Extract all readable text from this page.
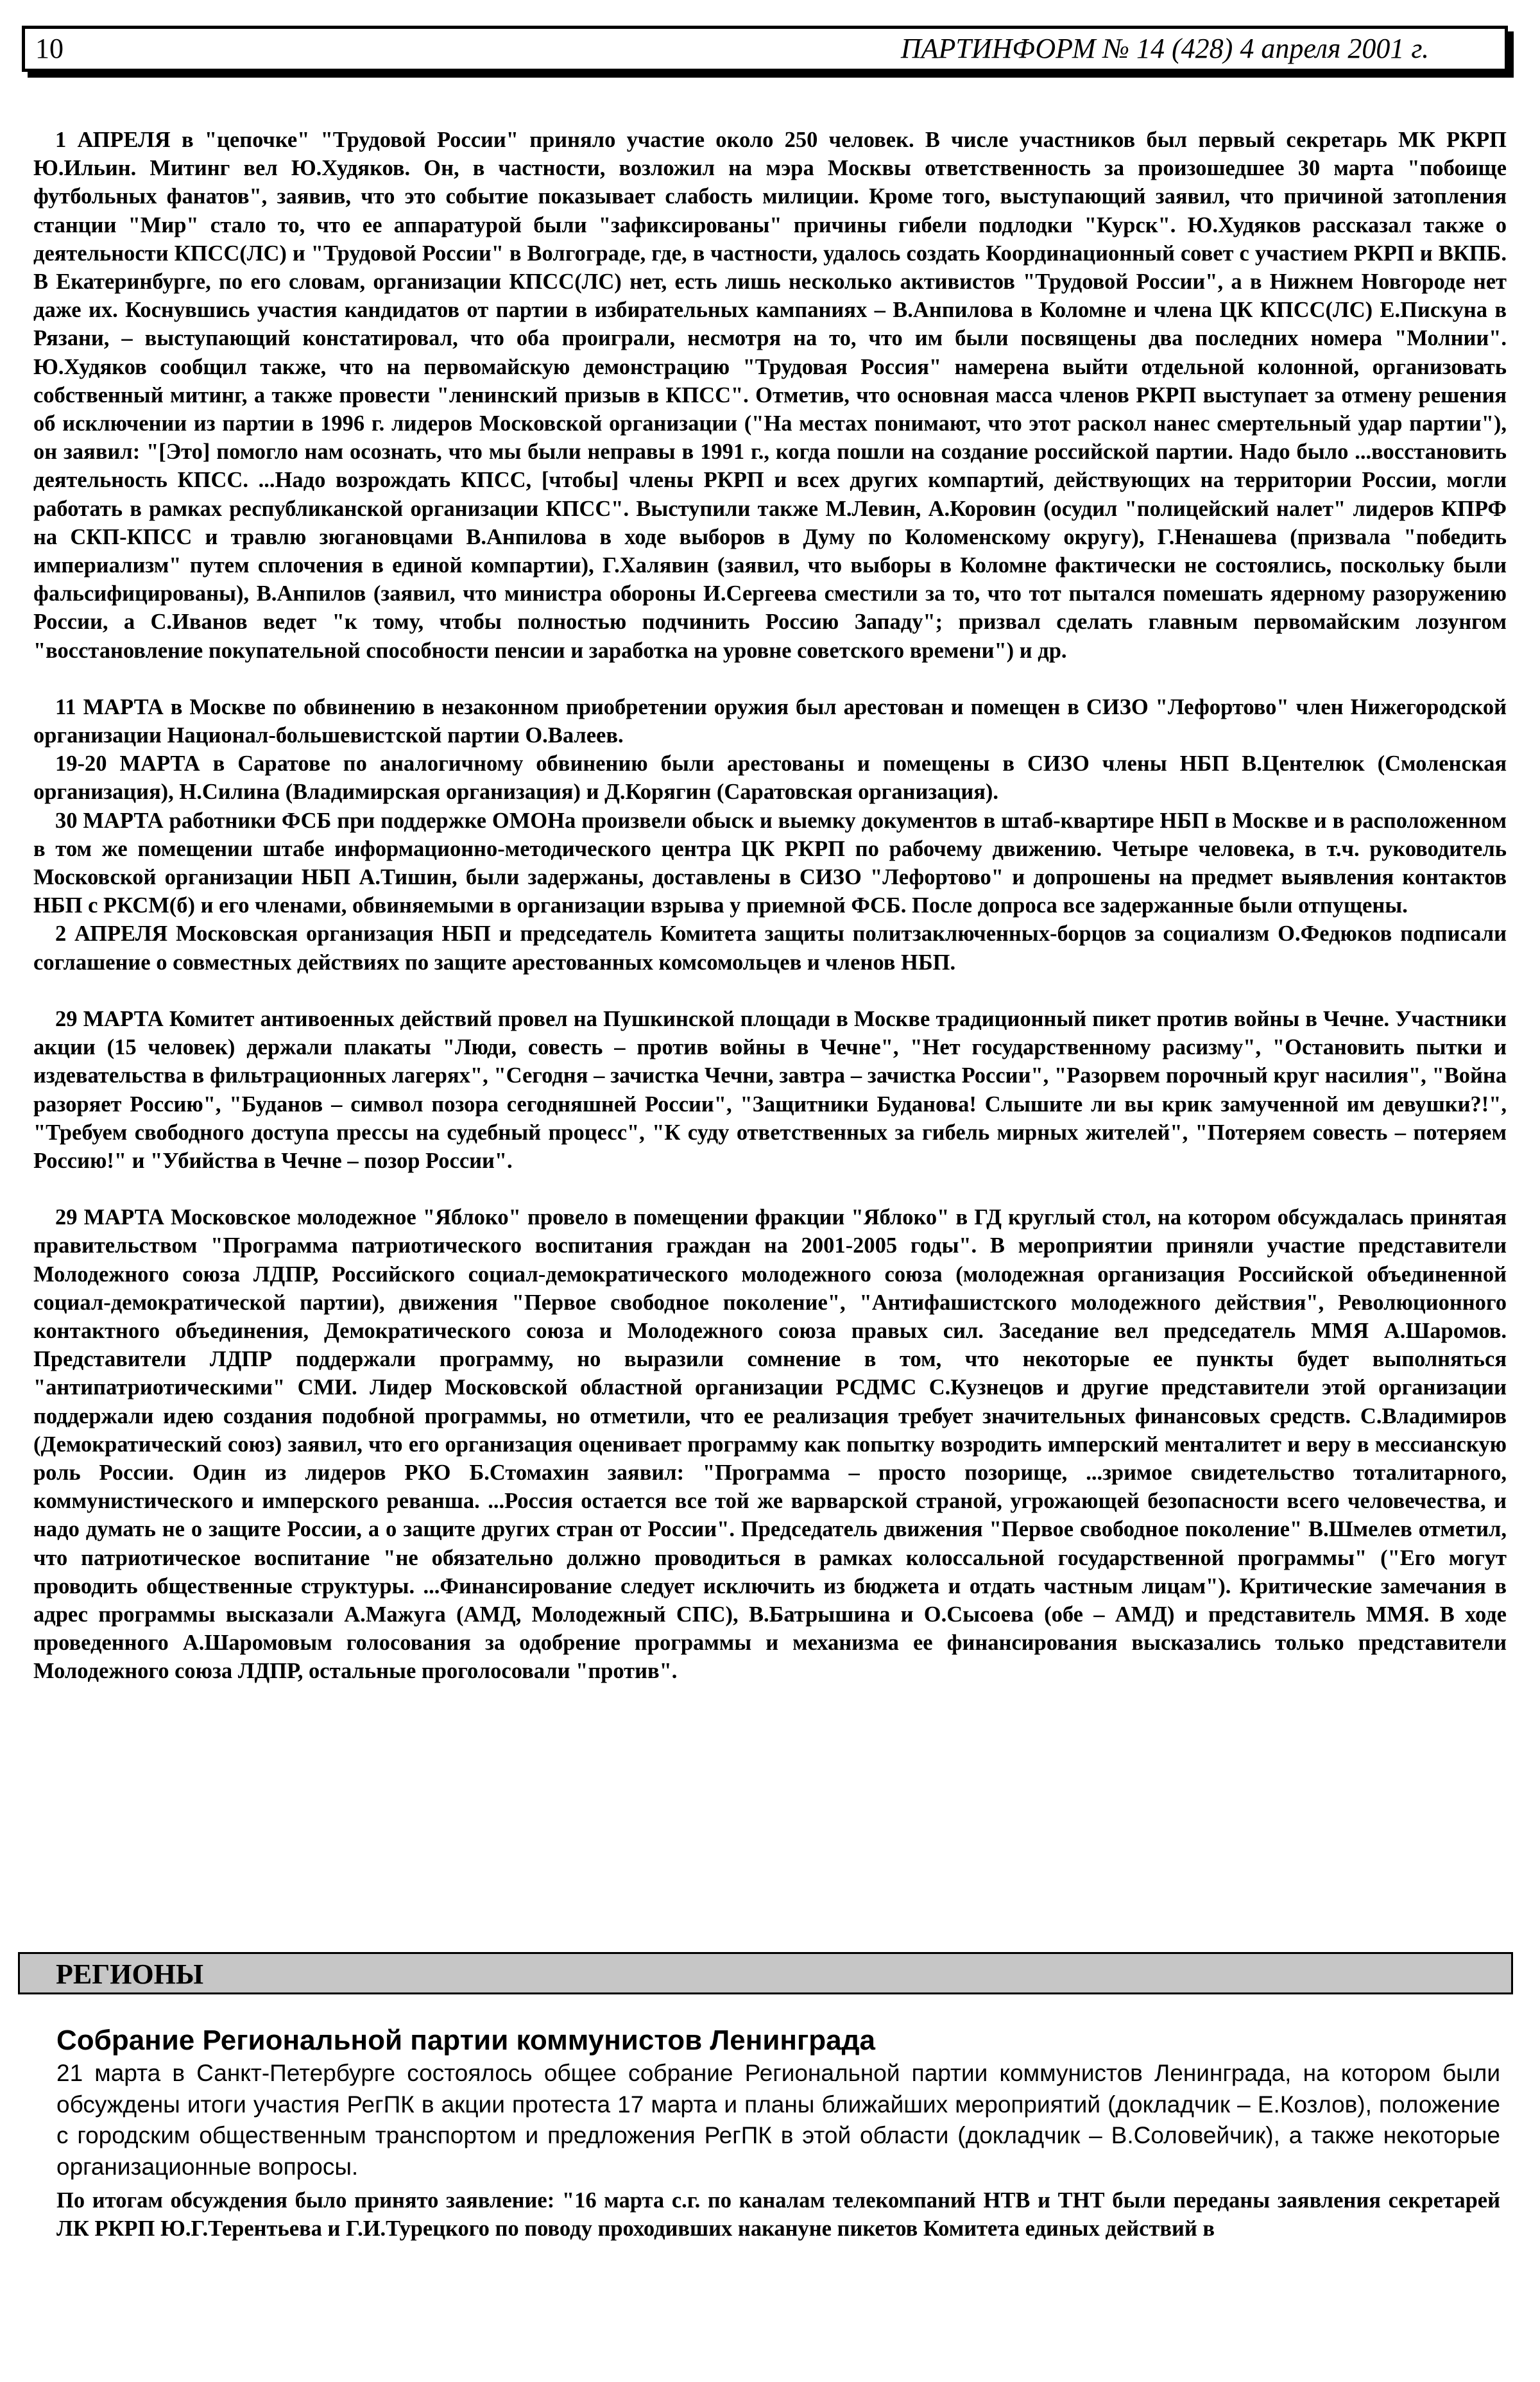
10	ПАРТИНФОРМ № 14 (428) 4 апреля 2001 г.

1 АПРЕЛЯ в "цепочке" "Трудовой России" приняло участие около 250 человек. В числе участников был первый секретарь МК РКРП Ю.Ильин. Митинг вел Ю.Худяков. Он, в частности, возложил на мэра Москвы ответственность за произошедшее 30 марта "побоище футбольных фанатов", заявив, что это событие показывает слабость милиции. Кроме того, выступающий заявил, что причиной затопления станции "Мир" стало то, что ее аппаратурой были "зафиксированы" причины гибели подлодки "Курск". Ю.Худяков рассказал также о деятельности КПСС(ЛС) и "Трудовой России" в Волгограде, где, в частности, удалось создать Координационный совет с участием РКРП и ВКПБ. В Екатеринбурге, по его словам, организации КПСС(ЛС) нет, есть лишь несколько активистов "Трудовой России", а в Нижнем Новгороде нет даже их. Коснувшись участия кандидатов от партии в избирательных кампаниях – В.Анпилова в Коломне и члена ЦК КПСС(ЛС) Е.Пискуна в Рязани, – выступающий констатировал, что оба проиграли, несмотря на то, что им были посвящены два последних номера "Молнии". Ю.Худяков сообщил также, что на первомайскую демонстрацию "Трудовая Россия" намерена выйти отдельной колонной, организовать собственный митинг, а также провести "ленинский призыв в КПСС". Отметив, что основная масса членов РКРП выступает за отмену решения об исключении из партии в 1996 г. лидеров Московской организации ("На местах понимают, что этот раскол нанес смертельный удар партии"), он заявил: "[Это] помогло нам осознать, что мы были неправы в 1991 г., когда пошли на создание российской партии. Надо было ...восстановить деятельность КПСС. ...Надо возрождать КПСС, [чтобы] члены РКРП и всех других компартий, действующих на территории России, могли работать в рамках республиканской организации КПСС". Выступили также М.Левин, А.Коровин (осудил "полицейский налет" лидеров КПРФ на СКП-КПСС и травлю зюгановцами В.Анпилова в ходе выборов в Думу по Коломенскому округу), Г.Ненашева (призвала "победить империализм" путем сплочения в единой компартии), Г.Халявин (заявил, что выборы в Коломне фактически не состоялись, поскольку были фальсифицированы), В.Анпилов (заявил, что министра обороны И.Сергеева сместили за то, что тот пытался помешать ядерному разоружению России, а С.Иванов ведет "к тому, чтобы полностью подчинить Россию Западу"; призвал сделать главным первомайским лозунгом "восстановление покупательной способности пенсии и заработка на уровне советского времени") и др.

11 МАРТА в Москве по обвинению в незаконном приобретении оружия был арестован и помещен в СИЗО "Лефортово" член Нижегородской организации Национал-большевистской партии О.Валеев.

19-20 МАРТА в Саратове по аналогичному обвинению были арестованы и помещены в СИЗО члены НБП В.Центелюк (Смоленская организация), Н.Силина (Владимирская организация) и Д.Корягин (Саратовская организация).

30 МАРТА работники ФСБ при поддержке ОМОНа произвели обыск и выемку документов в штаб-квартире НБП в Москве и в расположенном в том же помещении штабе информационно-методического центра ЦК РКРП по рабочему движению. Четыре человека, в т.ч. руководитель Московской организации НБП А.Тишин, были задержаны, доставлены в СИЗО "Лефортово" и допрошены на предмет выявления контактов НБП с РКСМ(б) и его членами, обвиняемыми в организации взрыва у приемной ФСБ. После допроса все задержанные были отпущены.

2 АПРЕЛЯ Московская организация НБП и председатель Комитета защиты политзаключенных-борцов за социализм О.Федюков подписали соглашение о совместных действиях по защите арестованных комсомольцев и членов НБП.

29 МАРТА Комитет антивоенных действий провел на Пушкинской площади в Москве традиционный пикет против войны в Чечне. Участники акции (15 человек) держали плакаты "Люди, совесть – против войны в Чечне", "Нет государственному расизму", "Остановить пытки и издевательства в фильтрационных лагерях", "Сегодня – зачистка Чечни, завтра – зачистка России", "Разорвем порочный круг насилия", "Война разоряет Россию", "Буданов – символ позора сегодняшней России", "Защитники Буданова! Слышите ли вы крик замученной им девушки?!", "Требуем свободного доступа прессы на судебный процесс", "К суду ответственных за гибель мирных жителей", "Потеряем совесть – потеряем Россию!" и "Убийства в Чечне – позор России".

29 МАРТА Московское молодежное "Яблоко" провело в помещении фракции "Яблоко" в ГД круглый стол, на котором обсуждалась принятая правительством "Программа патриотического воспитания граждан на 2001-2005 годы". В мероприятии приняли участие представители Молодежного союза ЛДПР, Российского социал-демократического молодежного союза (молодежная организация Российской объединенной социал-демократической партии), движения "Первое свободное поколение", "Антифашистского молодежного действия", Революционного контактного объединения, Демократического союза и Молодежного союза правых сил. Заседание вел председатель ММЯ А.Шаромов. Представители ЛДПР поддержали программу, но выразили сомнение в том, что некоторые ее пункты будет выполняться "антипатриотическими" СМИ. Лидер Московской областной организации РСДМС С.Кузнецов и другие представители этой организации поддержали идею создания подобной программы, но отметили, что ее реализация требует значительных финансовых средств. С.Владимиров (Демократический союз) заявил, что его организация оценивает программу как попытку возродить имперский менталитет и веру в мессианскую роль России. Один из лидеров РКО Б.Стомахин заявил: "Программа – просто позорище, ...зримое свидетельство тоталитарного, коммунистического и имперского реванша. ...Россия остается все той же варварской страной, угрожающей безопасности всего человечества, и надо думать не о защите России, а о защите других стран от России". Председатель движения "Первое свободное поколение" В.Шмелев отметил, что патриотическое воспитание "не обязательно должно проводиться в рамках колоссальной государственной программы" ("Его могут проводить общественные структуры. ...Финансирование следует исключить из бюджета и отдать частным лицам"). Критические замечания в адрес программы высказали А.Мажуга (АМД, Молодежный СПС), В.Батрышина и О.Сысоева (обе – АМД) и представитель ММЯ. В ходе проведенного А.Шаромовым голосования за одобрение программы и механизма ее финансирования высказались только представители Молодежного союза ЛДПР, остальные проголосовали "против".

РЕГИОНЫ
Собрание Региональной партии коммунистов Ленинграда

21 марта в Санкт-Петербурге состоялось общее собрание Региональной партии коммунистов Ленинграда, на котором были обсуждены итоги участия РегПК в акции протеста 17 марта и планы ближайших мероприятий (докладчик – Е.Козлов), положение с городским общественным транспортом и предложения РегПК в этой области (докладчик – В.Соловейчик), а также некоторые организационные вопросы.

По итогам обсуждения было принято заявление: "16 марта с.г. по каналам телекомпаний НТВ и ТНТ были переданы заявления секретарей ЛК РКРП Ю.Г.Терентьева и Г.И.Турецкого по поводу проходивших накануне пикетов Комитета единых действий в
